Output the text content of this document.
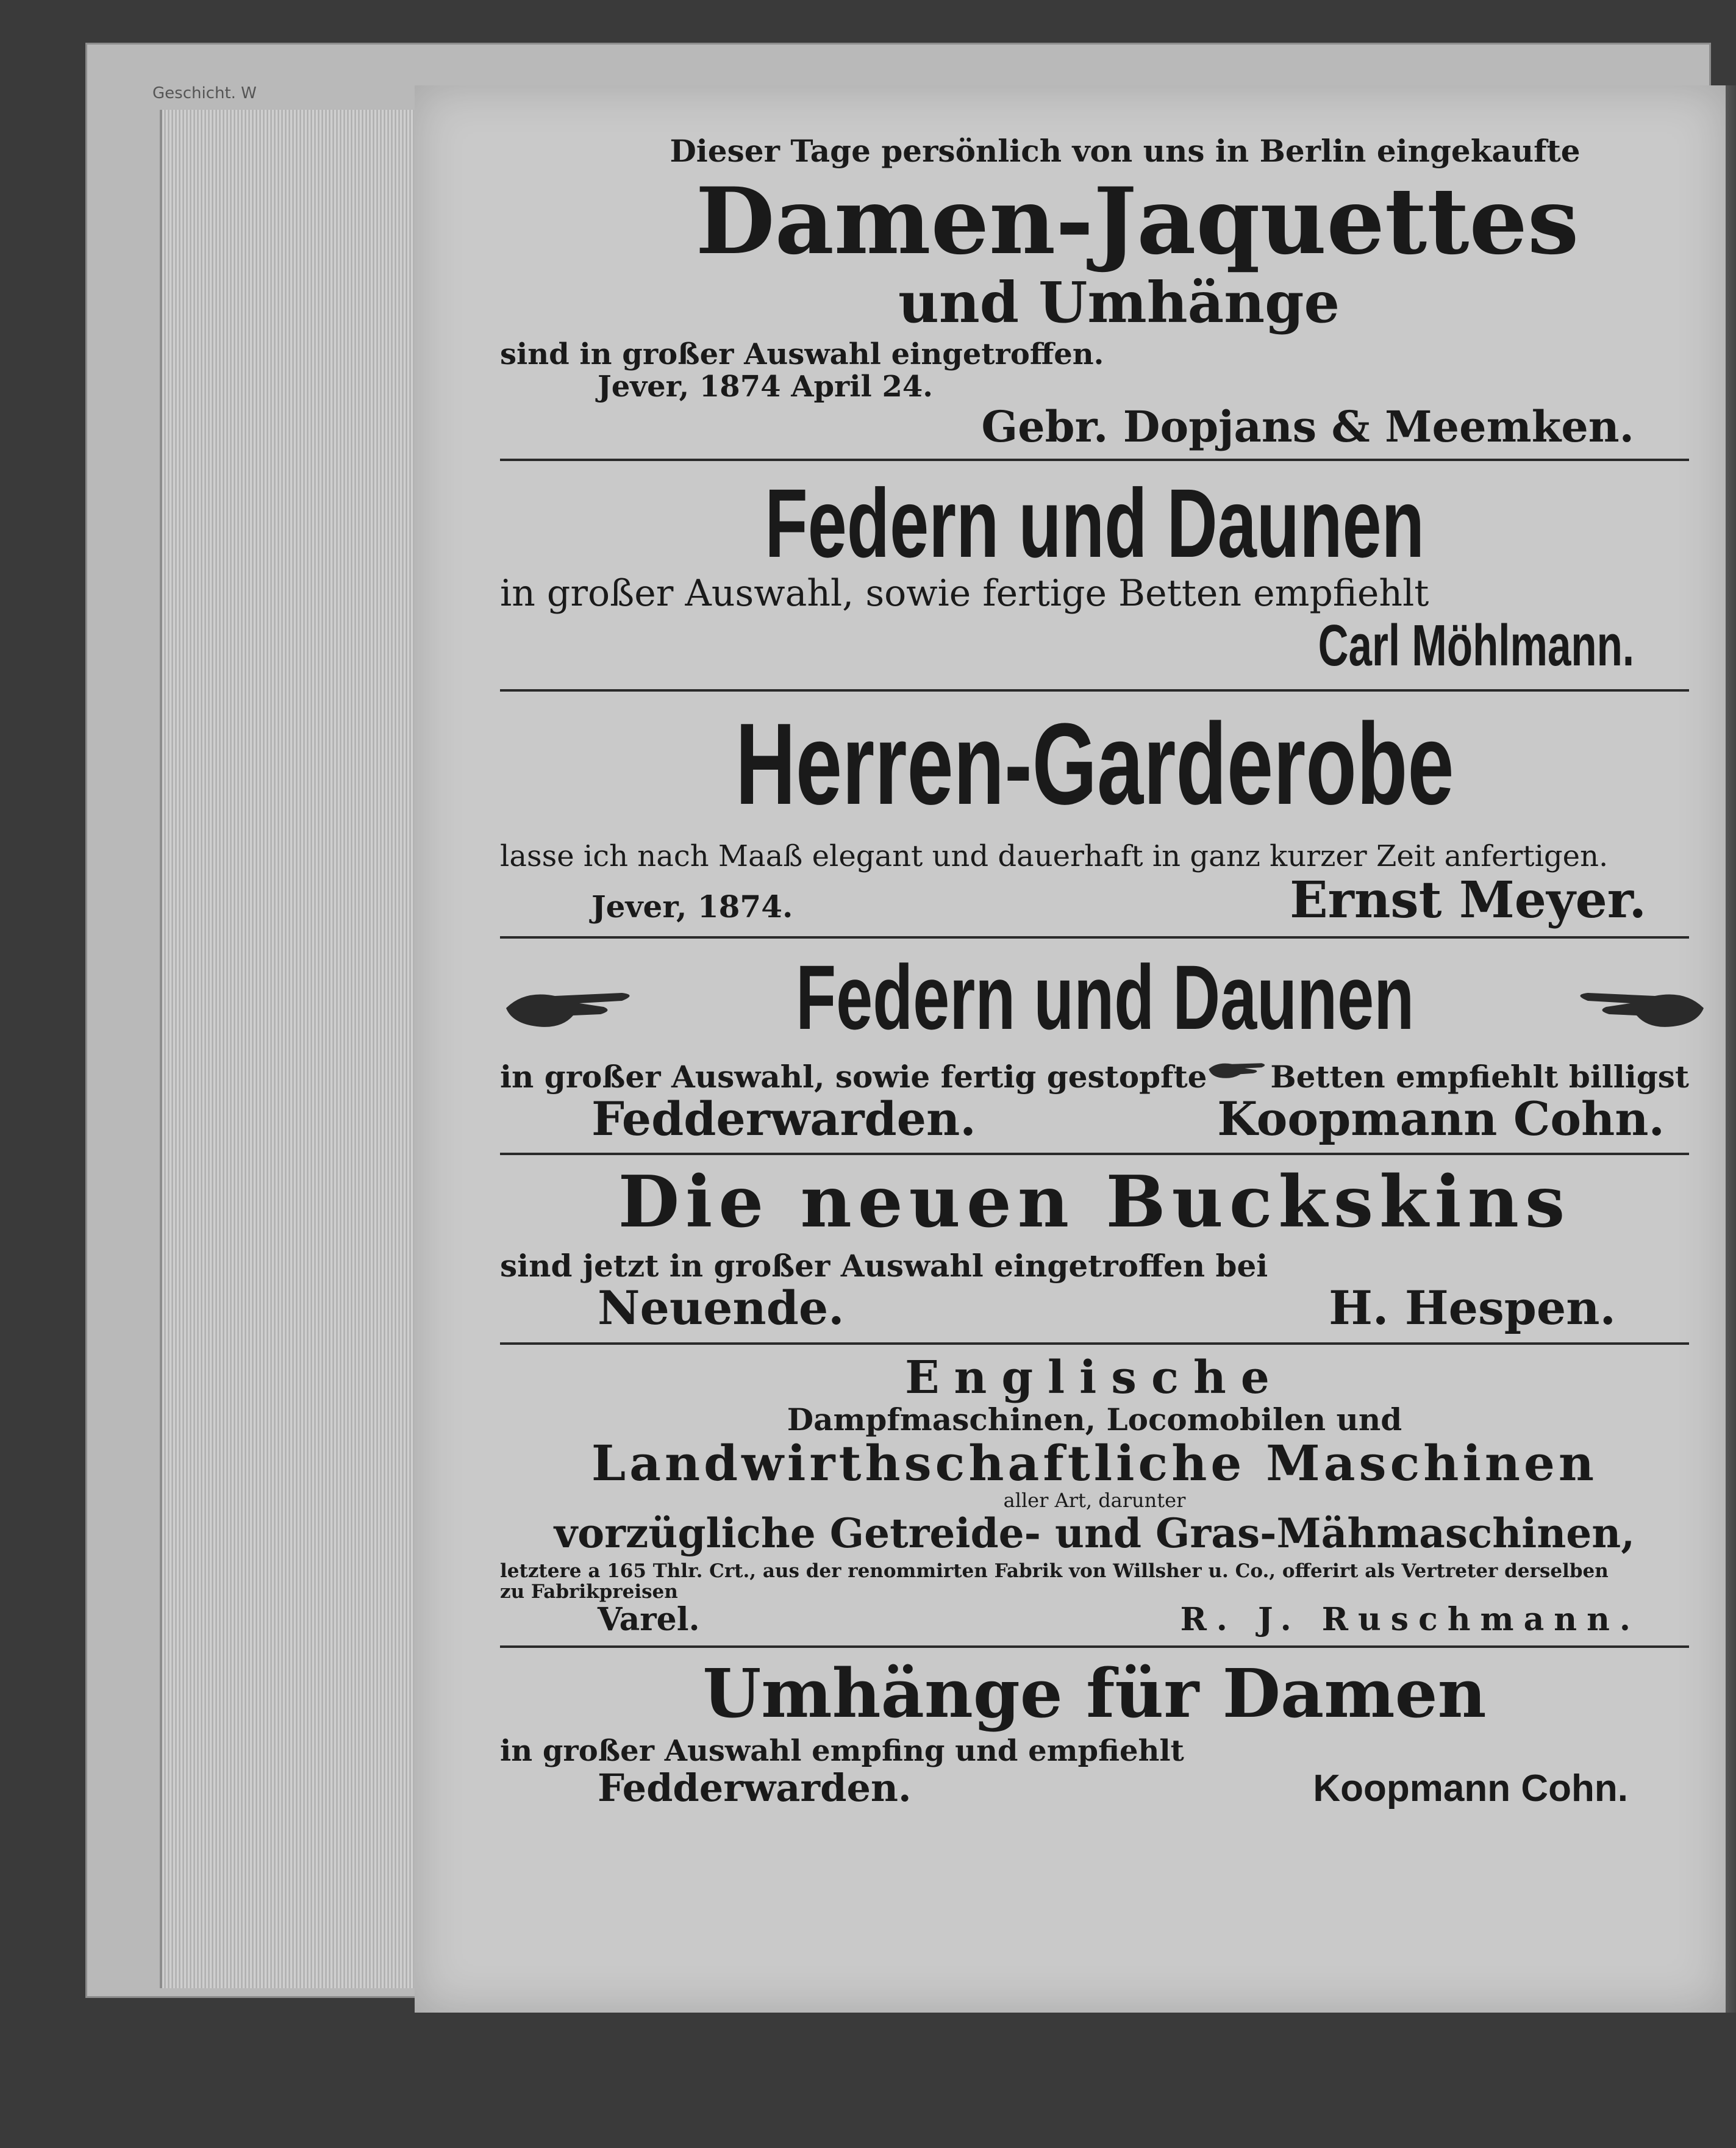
Geschicht. W
Dieser Tage persönlich von uns in Berlin eingekaufte
Damen-Jaquettes
und Umhänge
sind in großer Auswahl eingetroffen.
Jever, 1874 April 24.
Gebr. Dopjans & Meemken.
Federn und Daunen
in großer Auswahl, sowie fertige Betten empfiehlt
Carl Möhlmann.
Herren-Garderobe
lasse ich nach Maaß elegant und dauerhaft in ganz kurzer Zeit anfertigen.
Jever, 1874.	Ernst Meyer.
Federn und Daunen
in großer Auswahl, sowie fertig gestopfte Betten empfiehlt billigst
Fedderwarden.	Koopmann Cohn.
Die neuen Buckskins
sind jetzt in großer Auswahl eingetroffen bei
Neuende.	H. Hespen.
Englische
Dampfmaschinen, Locomobilen und
Landwirthschaftliche Maschinen
aller Art, darunter
vorzügliche Getreide- und Gras-Mähmaschinen,
letztere a 165 Thlr. Crt., aus der renommirten Fabrik von Willsher u. Co., offerirt als Vertreter derselben
zu Fabrikpreisen
Varel.	R. J. Ruschmann.
Umhänge für Damen
in großer Auswahl empfing und empfiehlt
Fedderwarden.	Koopmann Cohn.
